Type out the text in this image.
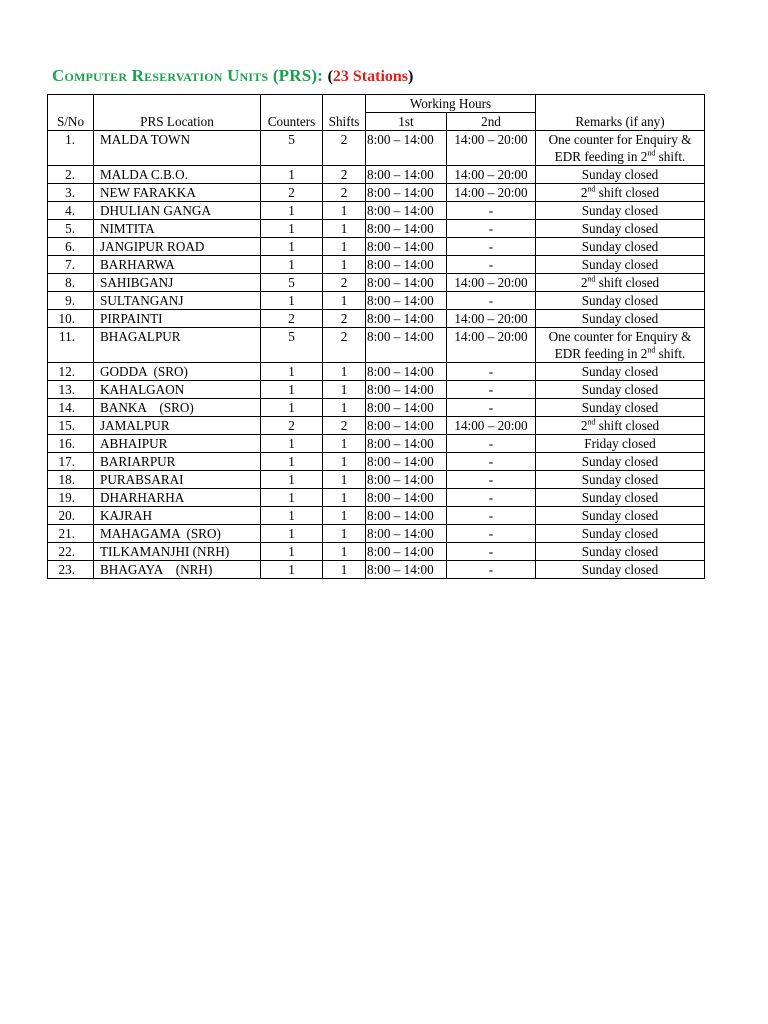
Computer Reservation Units (PRS): (23 Stations)
S/No	PRS Location	Counters	Shifts	Working Hours		Remarks (if any)
				1st	2nd	
1.	MALDA TOWN	5	2	8:00 – 14:00	14:00 – 20:00	One counter for Enquiry &
EDR feeding in 2nd shift.
2.	MALDA C.B.O.	1	2	8:00 – 14:00	14:00 – 20:00	Sunday closed
3.	NEW FARAKKA	2	2	8:00 – 14:00	14:00 – 20:00	2nd shift closed
4.	DHULIAN GANGA	1	1	8:00 – 14:00	-	Sunday closed
5.	NIMTITA	1	1	8:00 – 14:00	-	Sunday closed
6.	JANGIPUR ROAD	1	1	8:00 – 14:00	-	Sunday closed
7.	BARHARWA	1	1	8:00 – 14:00	-	Sunday closed
8.	SAHIBGANJ	5	2	8:00 – 14:00	14:00 – 20:00	2nd shift closed
9.	SULTANGANJ	1	1	8:00 – 14:00	-	Sunday closed
10.	PIRPAINTI	2	2	8:00 – 14:00	14:00 – 20:00	Sunday closed
11.	BHAGALPUR	5	2	8:00 – 14:00	14:00 – 20:00	One counter for Enquiry &
EDR feeding in 2nd shift.
12.	GODDA  (SRO)	1	1	8:00 – 14:00	-	Sunday closed
13.	KAHALGAON	1	1	8:00 – 14:00	-	Sunday closed
14.	BANKA    (SRO)	1	1	8:00 – 14:00	-	Sunday closed
15.	JAMALPUR	2	2	8:00 – 14:00	14:00 – 20:00	2nd shift closed
16.	ABHAIPUR	1	1	8:00 – 14:00	-	Friday closed
17.	BARIARPUR	1	1	8:00 – 14:00	-	Sunday closed
18.	PURABSARAI	1	1	8:00 – 14:00	-	Sunday closed
19.	DHARHARHA	1	1	8:00 – 14:00	-	Sunday closed
20.	KAJRAH	1	1	8:00 – 14:00	-	Sunday closed
21.	MAHAGAMA  (SRO)	1	1	8:00 – 14:00	-	Sunday closed
22.	TILKAMANJHI (NRH)	1	1	8:00 – 14:00	-	Sunday closed
23.	BHAGAYA    (NRH)	1	1	8:00 – 14:00	-	Sunday closed
